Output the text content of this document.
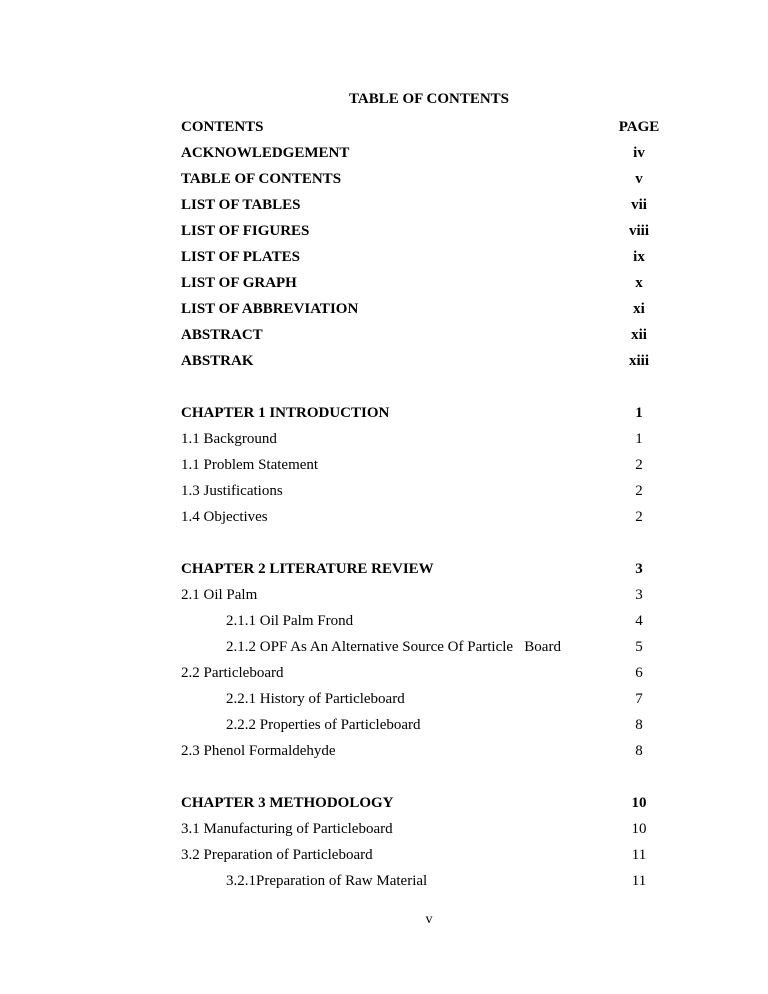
TABLE OF CONTENTS
CONTENTS	PAGE
ACKNOWLEDGEMENT	iv
TABLE OF CONTENTS	v
LIST OF TABLES	vii
LIST OF FIGURES	viii
LIST OF PLATES	ix
LIST OF GRAPH	x
LIST OF ABBREVIATION	xi
ABSTRACT	xii
ABSTRAK	xiii
CHAPTER 1 INTRODUCTION	1
1.1 Background	1
1.1 Problem Statement	2
1.3 Justifications	2
1.4 Objectives	2
CHAPTER 2 LITERATURE REVIEW	3
2.1 Oil Palm	3
2.1.1 Oil Palm Frond	4
2.1.2 OPF As An Alternative Source Of Particle   Board	5
2.2 Particleboard	6
2.2.1 History of Particleboard	7
2.2.2 Properties of Particleboard	8
2.3 Phenol Formaldehyde	8
CHAPTER 3 METHODOLOGY	10
3.1 Manufacturing of Particleboard	10
3.2 Preparation of Particleboard	11
3.2.1Preparation of Raw Material	11
v
